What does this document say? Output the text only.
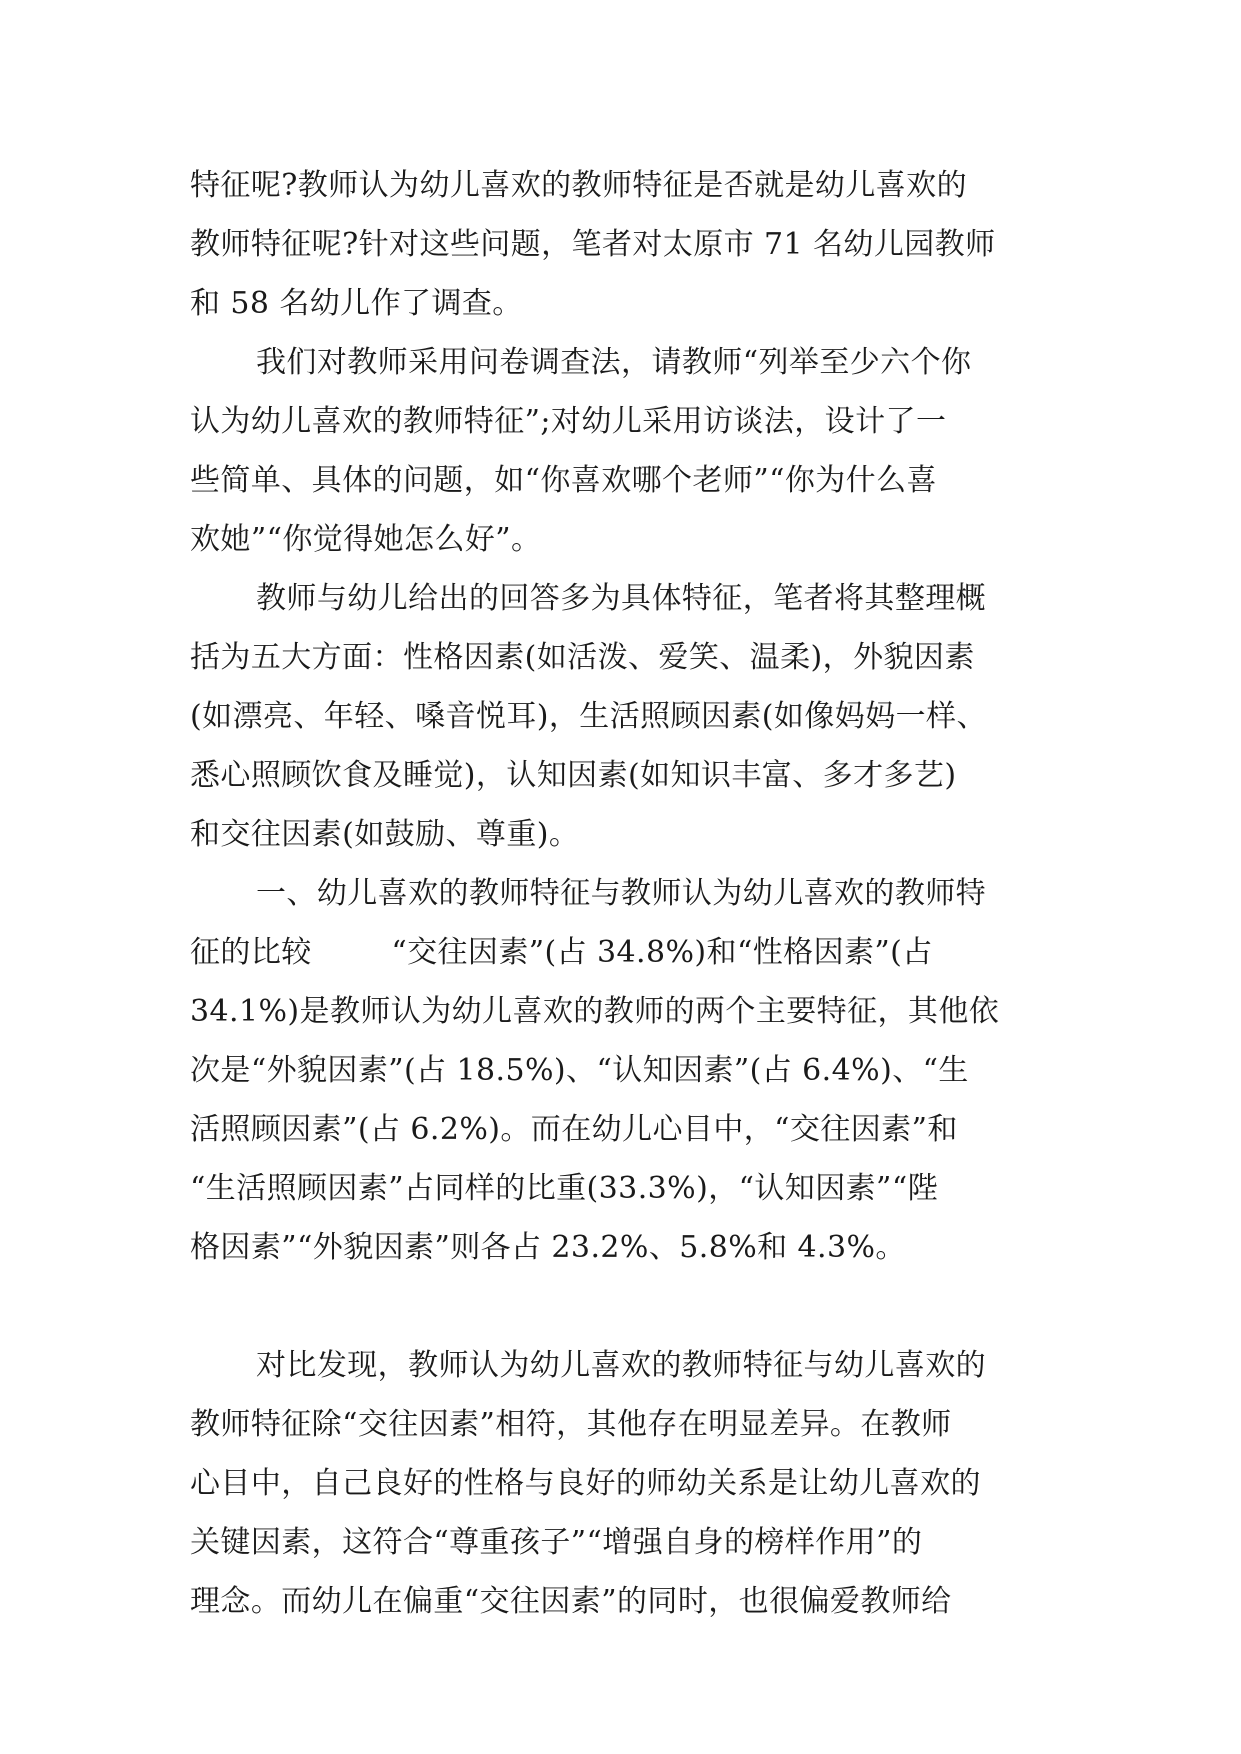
特征呢?教师认为幼儿喜欢的教师特征是否就是幼儿喜欢的
教师特征呢?针对这些问题，笔者对太原市 71 名幼儿园教师
和 58 名幼儿作了调查。
我们对教师采用问卷调查法，请教师“列举至少六个你
认为幼儿喜欢的教师特征”;对幼儿采用访谈法，设计了一
些简单、具体的问题，如“你喜欢哪个老师”“你为什么喜
欢她”“你觉得她怎么好”。
教师与幼儿给出的回答多为具体特征，笔者将其整理概
括为五大方面：性格因素(如活泼、爱笑、温柔)，外貌因素
(如漂亮、年轻、嗓音悦耳)，生活照顾因素(如像妈妈一样、
悉心照顾饮食及睡觉)，认知因素(如知识丰富、多才多艺)
和交往因素(如鼓励、尊重)。
一、幼儿喜欢的教师特征与教师认为幼儿喜欢的教师特
征的比较        “交往因素”(占 34.8%)和“性格因素”(占
34.1%)是教师认为幼儿喜欢的教师的两个主要特征，其他依
次是“外貌因素”(占 18.5%)、“认知因素”(占 6.4%)、“生
活照顾因素”(占 6.2%)。而在幼儿心目中，“交往因素”和
“生活照顾因素”占同样的比重(33.3%)，“认知因素”“陛
格因素”“外貌因素”则各占 23.2%、5.8%和 4.3%。
对比发现，教师认为幼儿喜欢的教师特征与幼儿喜欢的
教师特征除“交往因素”相符，其他存在明显差异。在教师
心目中，自己良好的性格与良好的师幼关系是让幼儿喜欢的
关键因素，这符合“尊重孩子”“增强自身的榜样作用”的
理念。而幼儿在偏重“交往因素”的同时，也很偏爱教师给
